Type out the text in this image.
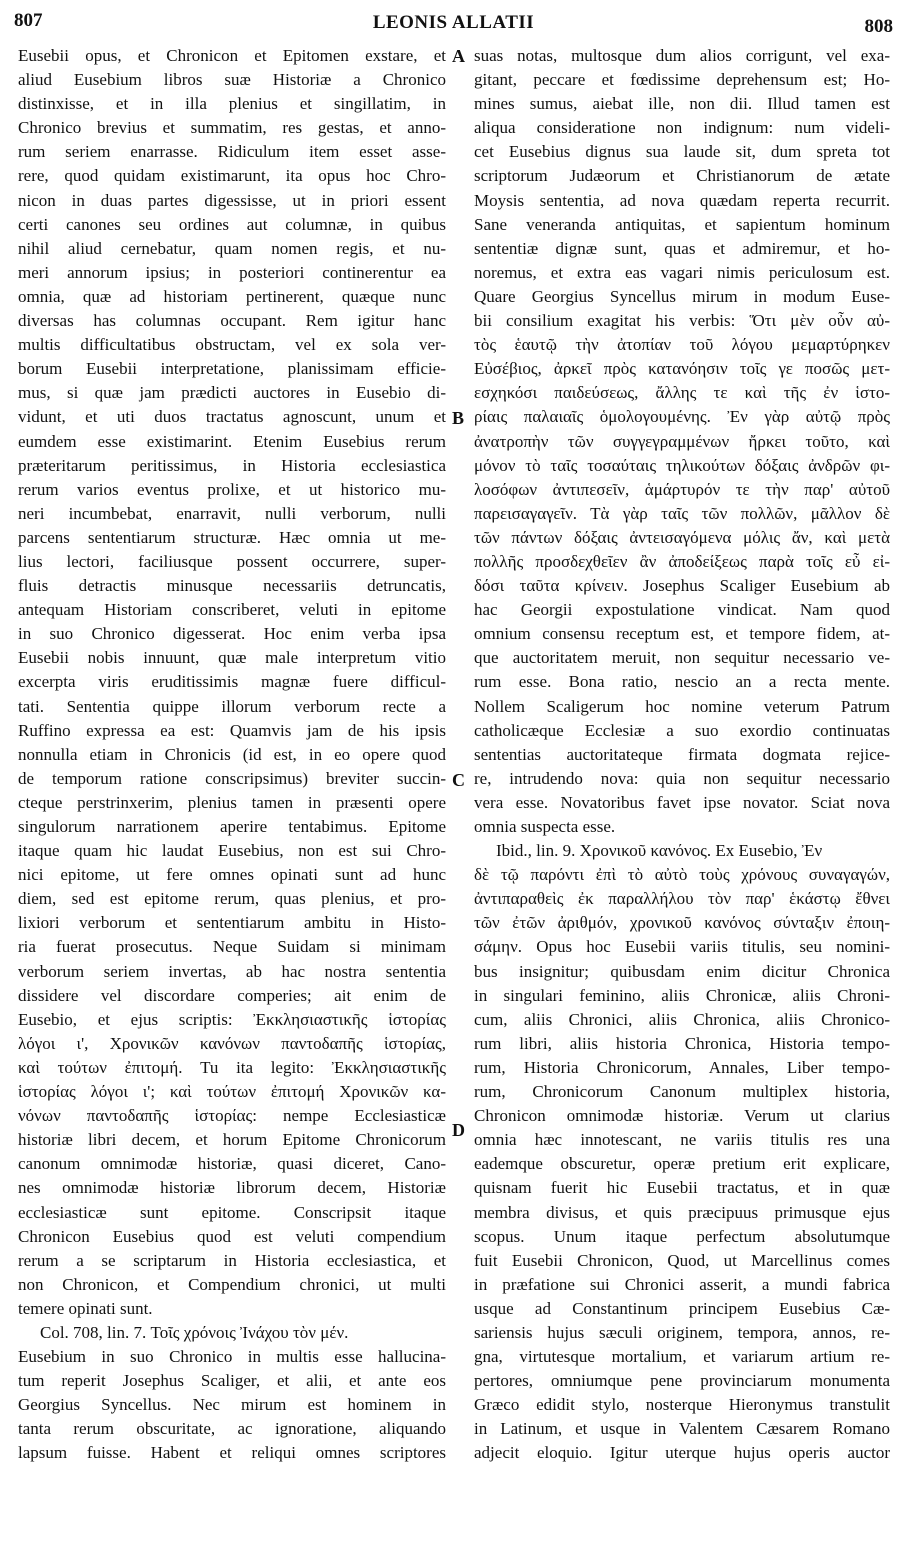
807	LEONIS ALLATII	808
Eusebii opus, et Chronicon et Epitomen exstare, et
aliud Eusebium libros suæ Historiæ a Chronico
distinxisse, et in illa plenius et singillatim, in
Chronico brevius et summatim, res gestas, et anno-
rum seriem enarrasse. Ridiculum item esset asse-
rere, quod quidam existimarunt, ita opus hoc Chro-
nicon in duas partes digessisse, ut in priori essent
certi canones seu ordines aut columnæ, in quibus
nihil aliud cernebatur, quam nomen regis, et nu-
meri annorum ipsius; in posteriori continerentur ea
omnia, quæ ad historiam pertinerent, quæque nunc
diversas has columnas occupant. Rem igitur hanc
multis difficultatibus obstructam, vel ex sola ver-
borum Eusebii interpretatione, planissimam efficie-
mus, si quæ jam prædicti auctores in Eusebio di-
vidunt, et uti duos tractatus agnoscunt, unum et
eumdem esse existimarint. Etenim Eusebius rerum
præteritarum peritissimus, in Historia ecclesiastica
rerum varios eventus prolixe, et ut historico mu-
neri incumbebat, enarravit, nulli verborum, nulli
parcens sententiarum structuræ. Hæc omnia ut me-
lius lectori, faciliusque possent occurrere, super-
fluis detractis minusque necessariis detruncatis,
antequam Historiam conscriberet, veluti in epitome
in suo Chronico digesserat. Hoc enim verba ipsa
Eusebii nobis innuunt, quæ male interpretum vitio
excerpta viris eruditissimis magnæ fuere difficul-
tati. Sententia quippe illorum verborum recte a
Ruffino expressa ea est: Quamvis jam de his ipsis
nonnulla etiam in Chronicis (id est, in eo opere quod
de temporum ratione conscripsimus) breviter succin-
cteque perstrinxerim, plenius tamen in præsenti opere
singulorum narrationem aperire tentabimus. Epitome
itaque quam hic laudat Eusebius, non est sui Chro-
nici epitome, ut fere omnes opinati sunt ad hunc
diem, sed est epitome rerum, quas plenius, et pro-
lixiori verborum et sententiarum ambitu in Histo-
ria fuerat prosecutus. Neque Suidam si minimam
verborum seriem invertas, ab hac nostra sententia
dissidere vel discordare comperies; ait enim de
Eusebio, et ejus scriptis: Ἐκκλησιαστικῆς ἱστορίας
λόγοι ι', Χρονικῶν κανόνων παντοδαπῆς ἱστορίας,
καὶ τούτων ἐπιτομή. Tu ita legito: Ἐκκλησιαστικῆς
ἱστορίας λόγοι ι'; καὶ τούτων ἐπιτομή Χρονικῶν κα-
νόνων παντοδαπῆς ἱστορίας: nempe Ecclesiasticæ
historiæ libri decem, et horum Epitome Chronicorum
canonum omnimodæ historiæ, quasi diceret, Cano-
nes omnimodæ historiæ librorum decem, Historiæ
ecclesiasticæ sunt epitome. Conscripsit itaque
Chronicon Eusebius quod est veluti compendium
rerum a se scriptarum in Historia ecclesiastica, et
non Chronicon, et Compendium chronici, ut multi
temere opinati sunt.
Col. 708, lin. 7. Τοῖς χρόνοις Ἰνάχου τὸν μέν.
Eusebium in suo Chronico in multis esse hallucina-
tum reperit Josephus Scaliger, et alii, et ante eos
Georgius Syncellus. Nec mirum est hominem in
tanta rerum obscuritate, ac ignoratione, aliquando
lapsum fuisse. Habent et reliqui omnes scriptores
suas notas, multosque dum alios corrigunt, vel exa-
gitant, peccare et fœdissime deprehensum est; Ho-
mines sumus, aiebat ille, non dii. Illud tamen est
aliqua consideratione non indignum: num videli-
cet Eusebius dignus sua laude sit, dum spreta tot
scriptorum Judæorum et Christianorum de ætate
Moysis sententia, ad nova quædam reperta recurrit.
Sane veneranda antiquitas, et sapientum hominum
sententiæ dignæ sunt, quas et admiremur, et ho-
noremus, et extra eas vagari nimis periculosum est.
Quare Georgius Syncellus mirum in modum Euse-
bii consilium exagitat his verbis: Ὅτι μὲν οὖν αὐ-
τὸς ἑαυτῷ τὴν ἀτοπίαν τοῦ λόγου μεμαρτύρηκεν
Εὐσέβιος, ἀρκεῖ πρὸς κατανόησιν τοῖς γε ποσῶς μετ-
εσχηκόσι παιδεύσεως, ἄλλης τε καὶ τῆς ἐν ἱστο-
ρίαις παλαιαῖς ὁμολογουμένης. Ἐν γὰρ αὐτῷ πρὸς
ἀνατροπὴν τῶν συγγεγραμμένων ἤρκει τοῦτο, καὶ
μόνον τὸ ταῖς τοσαύταις τηλικούτων δόξαις ἀνδρῶν φι-
λοσόφων ἀντιπεσεῖν, ἁμάρτυρόν τε τὴν παρ' αὐτοῦ
παρεισαγαγεῖν. Τὰ γὰρ ταῖς τῶν πολλῶν, μᾶλλον δὲ
τῶν πάντων δόξαις ἀντεισαγόμενα μόλις ἄν, καὶ μετὰ
πολλῆς προσδεχθεῖεν ἂν ἀποδείξεως παρὰ τοῖς εὖ εἰ-
δόσι ταῦτα κρίνειν. Josephus Scaliger Eusebium ab
hac Georgii expostulatione vindicat. Nam quod
omnium consensu receptum est, et tempore fidem, at-
que auctoritatem meruit, non sequitur necessario ve-
rum esse. Bona ratio, nescio an a recta mente.
Nollem Scaligerum hoc nomine veterum Patrum
catholicæque Ecclesiæ a suo exordio continuatas
sententias auctoritateque firmata dogmata rejice-
re, intrudendo nova: quia non sequitur necessario
vera esse. Novatoribus favet ipse novator. Sciat nova
omnia suspecta esse.
Ibid., lin. 9. Χρονικοῦ κανόνος. Ex Eusebio, Ἐν
δὲ τῷ παρόντι ἐπὶ τὸ αὐτὸ τοὺς χρόνους συναγαγών,
ἀντιπαραθεὶς ἐκ παραλλήλου τὸν παρ' ἑκάστῳ ἔθνει
τῶν ἐτῶν ἀριθμόν, χρονικοῦ κανόνος σύνταξιν ἐποιη-
σάμην. Opus hoc Eusebii variis titulis, seu nomini-
bus insignitur; quibusdam enim dicitur Chronica
in singulari feminino, aliis Chronicæ, aliis Chroni-
cum, aliis Chronici, aliis Chronica, aliis Chronico-
rum libri, aliis historia Chronica, Historia tempo-
rum, Historia Chronicorum, Annales, Liber tempo-
rum, Chronicorum Canonum multiplex historia,
Chronicon omnimodæ historiæ. Verum ut clarius
omnia hæc innotescant, ne variis titulis res una
eademque obscuretur, operæ pretium erit explicare,
quisnam fuerit hic Eusebii tractatus, et in quæ
membra divisus, et quis præcipuus primusque ejus
scopus. Unum itaque perfectum absolutumque
fuit Eusebii Chronicon, Quod, ut Marcellinus comes
in præfatione sui Chronici asserit, a mundi fabrica
usque ad Constantinum principem Eusebius Cæ-
sariensis hujus sæculi originem, tempora, annos, re-
gna, virtutesque mortalium, et variarum artium re-
pertores, omniumque pene provinciarum monumenta
Græco edidit stylo, nosterque Hieronymus transtulit
in Latinum, et usque in Valentem Cæsarem Romano
adjecit eloquio. Igitur uterque hujus operis auctor
A
B
C
D
